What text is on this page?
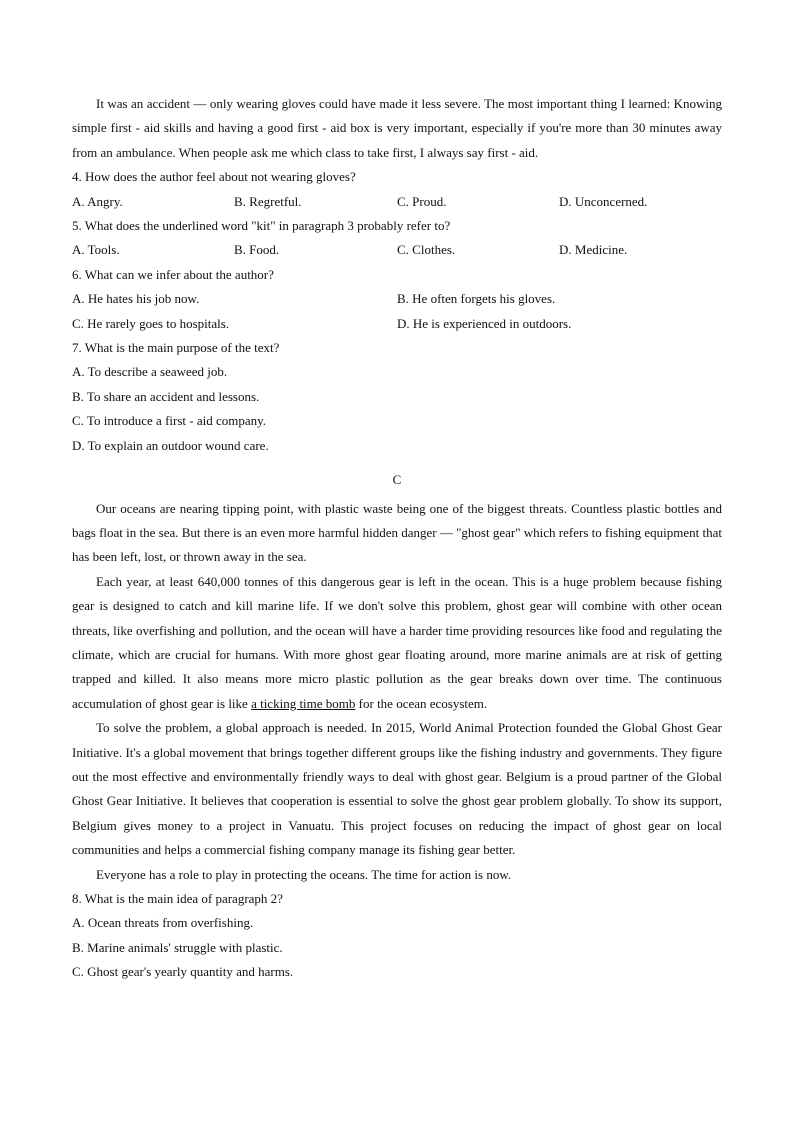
It was an accident — only wearing gloves could have made it less severe. The most important thing I learned: Knowing simple first - aid skills and having a good first - aid box is very important, especially if you're more than 30 minutes away from an ambulance. When people ask me which class to take first, I always say first - aid.

4. How does the author feel about not wearing gloves?

A. Angry.	B. Regretful.	C. Proud.	D. Unconcerned.

5. What does the underlined word "kit" in paragraph 3 probably refer to?

A. Tools.	B. Food.	C. Clothes.	D. Medicine.

6. What can we infer about the author?

A. He hates his job now.	B. He often forgets his gloves.
C. He rarely goes to hospitals.	D. He is experienced in outdoors.

7. What is the main purpose of the text?

A. To describe a seaweed job.

B. To share an accident and lessons.

C. To introduce a first - aid company.

D. To explain an outdoor wound care.

C

Our oceans are nearing tipping point, with plastic waste being one of the biggest threats. Countless plastic bottles and bags float in the sea. But there is an even more harmful hidden danger — "ghost gear" which refers to fishing equipment that has been left, lost, or thrown away in the sea.

Each year, at least 640,000 tonnes of this dangerous gear is left in the ocean. This is a huge problem because fishing gear is designed to catch and kill marine life. If we don't solve this problem, ghost gear will combine with other ocean threats, like overfishing and pollution, and the ocean will have a harder time providing resources like food and regulating the climate, which are crucial for humans. With more ghost gear floating around, more marine animals are at risk of getting trapped and killed. It also means more micro plastic pollution as the gear breaks down over time. The continuous accumulation of ghost gear is like a ticking time bomb for the ocean ecosystem.

To solve the problem, a global approach is needed. In 2015, World Animal Protection founded the Global Ghost Gear Initiative. It's a global movement that brings together different groups like the fishing industry and governments. They figure out the most effective and environmentally friendly ways to deal with ghost gear. Belgium is a proud partner of the Global Ghost Gear Initiative. It believes that cooperation is essential to solve the ghost gear problem globally. To show its support, Belgium gives money to a project in Vanuatu. This project focuses on reducing the impact of ghost gear on local communities and helps a commercial fishing company manage its fishing gear better.

Everyone has a role to play in protecting the oceans. The time for action is now.

8. What is the main idea of paragraph 2?

A. Ocean threats from overfishing.

B. Marine animals' struggle with plastic.

C. Ghost gear's yearly quantity and harms.
